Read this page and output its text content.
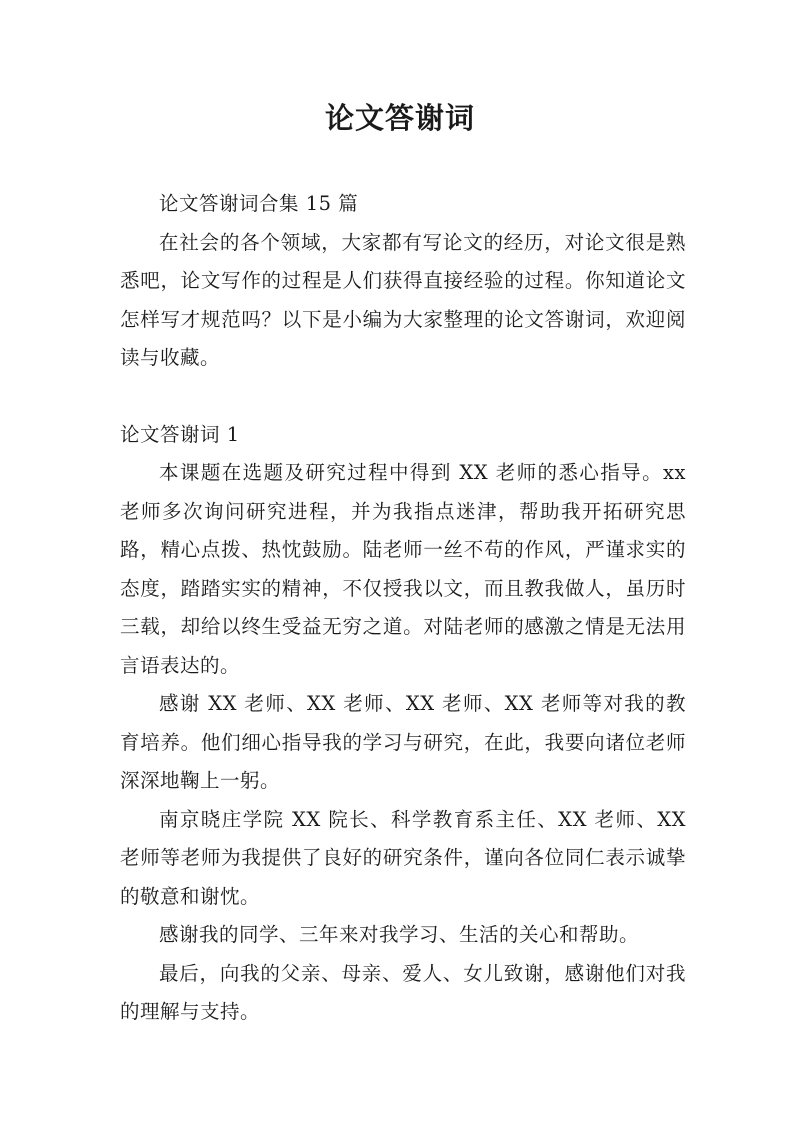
论文答谢词

论文答谢词合集 15 篇

在社会的各个领域，大家都有写论文的经历，对论文很是熟悉吧，论文写作的过程是人们获得直接经验的过程。你知道论文怎样写才规范吗？以下是小编为大家整理的论文答谢词，欢迎阅读与收藏。

论文答谢词 1

本课题在选题及研究过程中得到 XX 老师的悉心指导。xx 老师多次询问研究进程，并为我指点迷津，帮助我开拓研究思路，精心点拨、热忱鼓励。陆老师一丝不苟的作风，严谨求实的态度，踏踏实实的精神，不仅授我以文，而且教我做人，虽历时三载，却给以终生受益无穷之道。对陆老师的感激之情是无法用言语表达的。

感谢 XX 老师、XX 老师、XX 老师、XX 老师等对我的教育培养。他们细心指导我的学习与研究，在此，我要向诸位老师深深地鞠上一躬。

南京晓庄学院 XX 院长、科学教育系主任、XX 老师、XX 老师等老师为我提供了良好的研究条件，谨向各位同仁表示诚挚的敬意和谢忱。

感谢我的同学、三年来对我学习、生活的关心和帮助。

最后，向我的父亲、母亲、爱人、女儿致谢，感谢他们对我的理解与支持。
